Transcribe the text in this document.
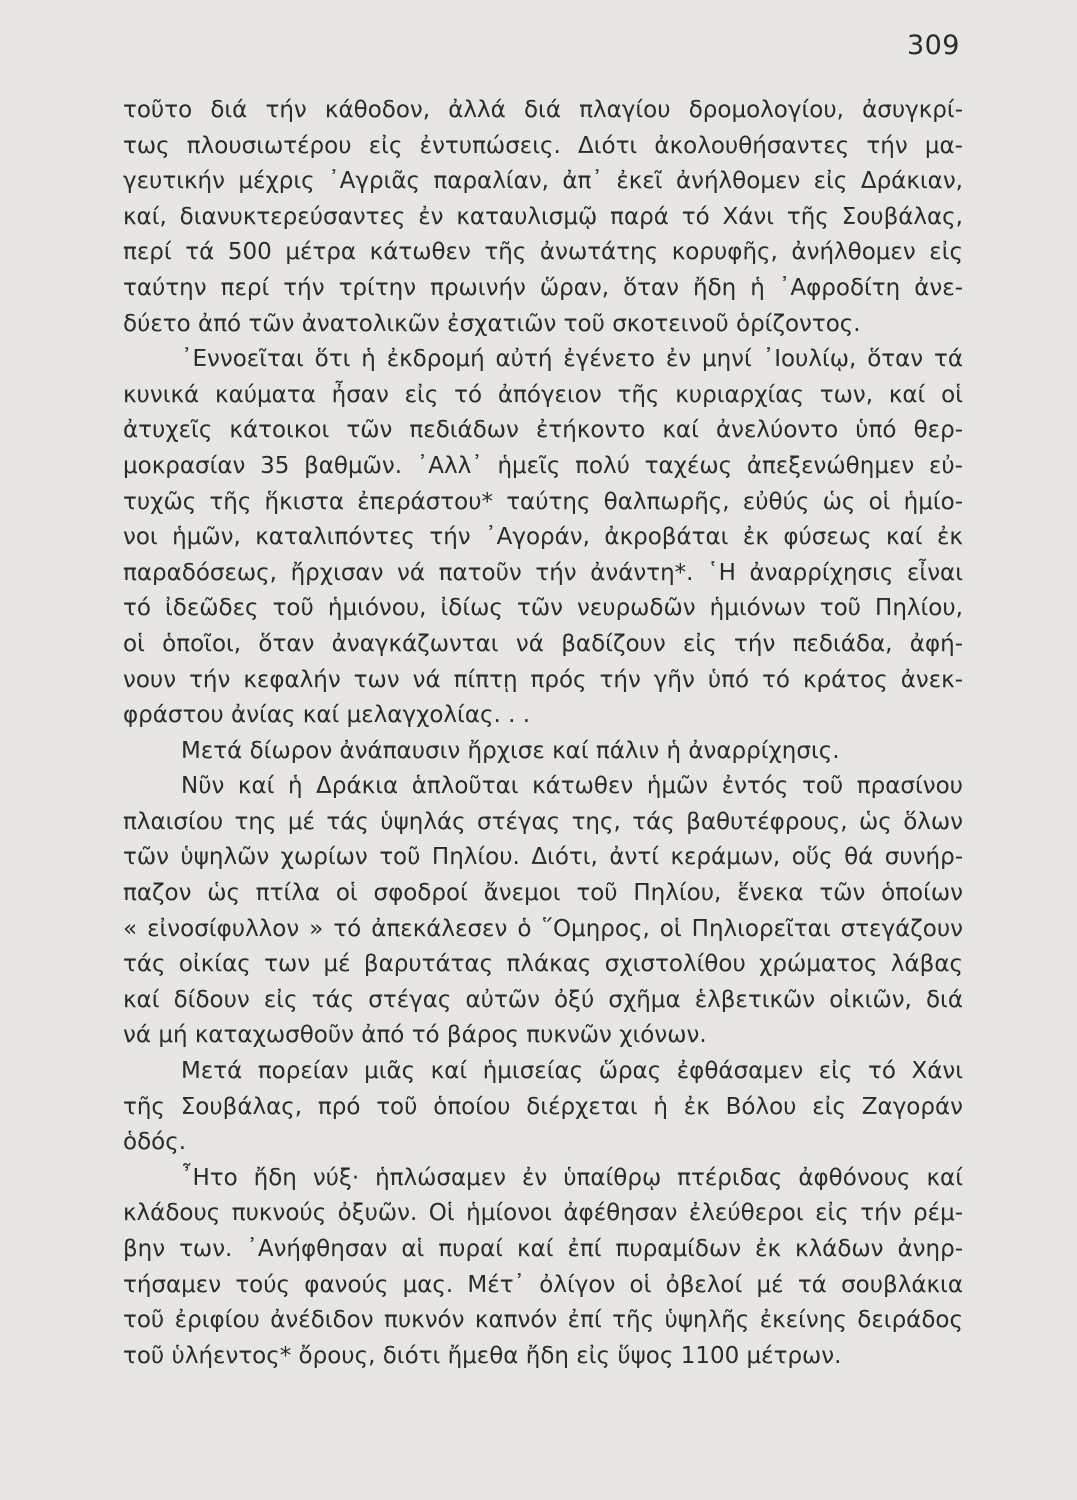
309
τοῦτο διά τήν κάθοδον, ἀλλά διά πλαγίου δρομολογίου, ἀσυγκρί-
τως πλουσιωτέρου εἰς ἐντυπώσεις. Διότι ἀκολουθήσαντες τήν μα-
γευτικήν μέχρις ᾿Αγριᾶς παραλίαν, ἀπ᾿ ἐκεῖ ἀνήλθομεν εἰς Δράκιαν,
καί, διανυκτερεύσαντες ἐν καταυλισμῷ παρά τό Χάνι τῆς Σουβάλας,
περί τά 500 μέτρα κάτωθεν τῆς ἀνωτάτης κορυφῆς, ἀνήλθομεν εἰς
ταύτην περί τήν τρίτην πρωινήν ὥραν, ὅταν ἤδη ἡ ᾿Αφροδίτη ἀνε-
δύετο ἀπό τῶν ἀνατολικῶν ἐσχατιῶν τοῦ σκοτεινοῦ ὁρίζοντος.
᾿Εννοεῖται ὅτι ἡ ἐκδρομή αὐτή ἐγένετο ἐν μηνί ᾿Ιουλίῳ, ὅταν τά
κυνικά καύματα ἦσαν εἰς τό ἀπόγειον τῆς κυριαρχίας των, καί οἱ
ἀτυχεῖς κάτοικοι τῶν πεδιάδων ἐτήκοντο καί ἀνελύοντο ὑπό θερ-
μοκρασίαν 35 βαθμῶν. ᾿Αλλ᾿ ἡμεῖς πολύ ταχέως ἀπεξενώθημεν εὐ-
τυχῶς τῆς ἥκιστα ἐπεράστου* ταύτης θαλπωρῆς, εὐθύς ὡς οἱ ἡμίο-
νοι ἡμῶν, καταλιπόντες τήν ᾿Αγοράν, ἀκροβάται ἐκ φύσεως καί ἐκ
παραδόσεως, ἤρχισαν νά πατοῦν τήν ἀνάντη*. ῾Η ἀναρρίχησις εἶναι
τό ἰδεῶδες τοῦ ἡμιόνου, ἰδίως τῶν νευρωδῶν ἡμιόνων τοῦ Πηλίου,
οἱ ὁποῖοι, ὅταν ἀναγκάζωνται νά βαδίζουν εἰς τήν πεδιάδα, ἀφή-
νουν τήν κεφαλήν των νά πίπτῃ πρός τήν γῆν ὑπό τό κράτος ἀνεκ-
φράστου ἀνίας καί μελαγχολίας. . .
Μετά δίωρον ἀνάπαυσιν ἤρχισε καί πάλιν ἡ ἀναρρίχησις.
Νῦν καί ἡ Δράκια ἁπλοῦται κάτωθεν ἡμῶν ἐντός τοῦ πρασίνου
πλαισίου της μέ τάς ὑψηλάς στέγας της, τάς βαθυτέφρους, ὡς ὅλων
τῶν ὑψηλῶν χωρίων τοῦ Πηλίου. Διότι, ἀντί κεράμων, οὕς θά συνήρ-
παζον ὡς πτίλα οἱ σφοδροί ἄνεμοι τοῦ Πηλίου, ἕνεκα τῶν ὁποίων
« εἰνοσίφυλλον » τό ἀπεκάλεσεν ὁ ῞Ομηρος, οἱ Πηλιορεῖται στεγάζουν
τάς οἰκίας των μέ βαρυτάτας πλάκας σχιστολίθου χρώματος λάβας
καί δίδουν εἰς τάς στέγας αὐτῶν ὀξύ σχῆμα ἑλβετικῶν οἰκιῶν, διά
νά μή καταχωσθοῦν ἀπό τό βάρος πυκνῶν χιόνων.
Μετά πορείαν μιᾶς καί ἡμισείας ὥρας ἐφθάσαμεν εἰς τό Χάνι
τῆς Σουβάλας, πρό τοῦ ὁποίου διέρχεται ἡ ἐκ Βόλου εἰς Ζαγοράν
ὁδός.
῏Ητο ἤδη νύξ· ἡπλώσαμεν ἐν ὑπαίθρῳ πτέριδας ἀφθόνους καί
κλάδους πυκνούς ὀξυῶν. Οἱ ἡμίονοι ἀφέθησαν ἐλεύθεροι εἰς τήν ρέμ-
βην των. ᾿Ανήφθησαν αἱ πυραί καί ἐπί πυραμίδων ἐκ κλάδων ἀνηρ-
τήσαμεν τούς φανούς μας. Μέτ᾿ ὀλίγον οἱ ὀβελοί μέ τά σουβλάκια
τοῦ ἐριφίου ἀνέδιδον πυκνόν καπνόν ἐπί τῆς ὑψηλῆς ἐκείνης δειράδος
τοῦ ὑλήεντος* ὄρους, διότι ἤμεθα ἤδη εἰς ὕψος 1100 μέτρων.
